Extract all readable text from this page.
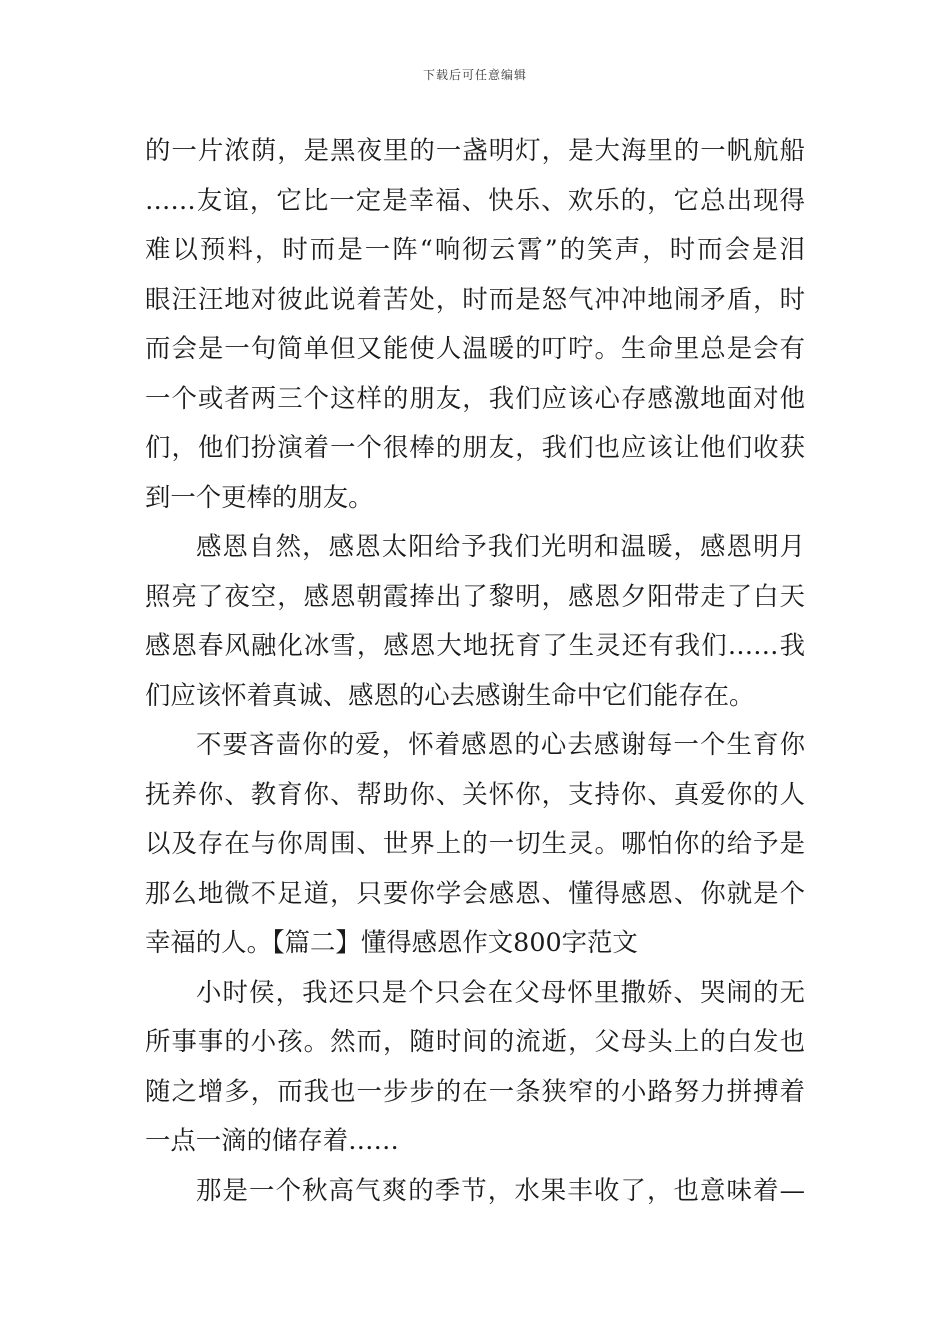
下载后可任意编辑
的一片浓荫，是黑夜里的一盏明灯，是大海里的一帆航船
……友谊，它比一定是幸福、快乐、欢乐的，它总出现得
难以预料，时而是一阵“响彻云霄”的笑声，时而会是泪
眼汪汪地对彼此说着苦处，时而是怒气冲冲地闹矛盾，时
而会是一句简单但又能使人温暖的叮咛。生命里总是会有
一个或者两三个这样的朋友，我们应该心存感激地面对他
们，他们扮演着一个很棒的朋友，我们也应该让他们收获
到一个更棒的朋友。
感恩自然，感恩太阳给予我们光明和温暖，感恩明月
照亮了夜空，感恩朝霞捧出了黎明，感恩夕阳带走了白天
感恩春风融化冰雪，感恩大地抚育了生灵还有我们……我
们应该怀着真诚、感恩的心去感谢生命中它们能存在。
不要吝啬你的爱，怀着感恩的心去感谢每一个生育你
抚养你、教育你、帮助你、关怀你，支持你、真爱你的人
以及存在与你周围、世界上的一切生灵。哪怕你的给予是
那么地微不足道，只要你学会感恩、懂得感恩、你就是个
幸福的人。【篇二】懂得感恩作文800字范文
小时侯，我还只是个只会在父母怀里撒娇、哭闹的无
所事事的小孩。然而，随时间的流逝，父母头上的白发也
随之增多，而我也一步步的在一条狭窄的小路努力拼搏着
一点一滴的储存着……
那是一个秋高气爽的季节，水果丰收了，也意味着—
